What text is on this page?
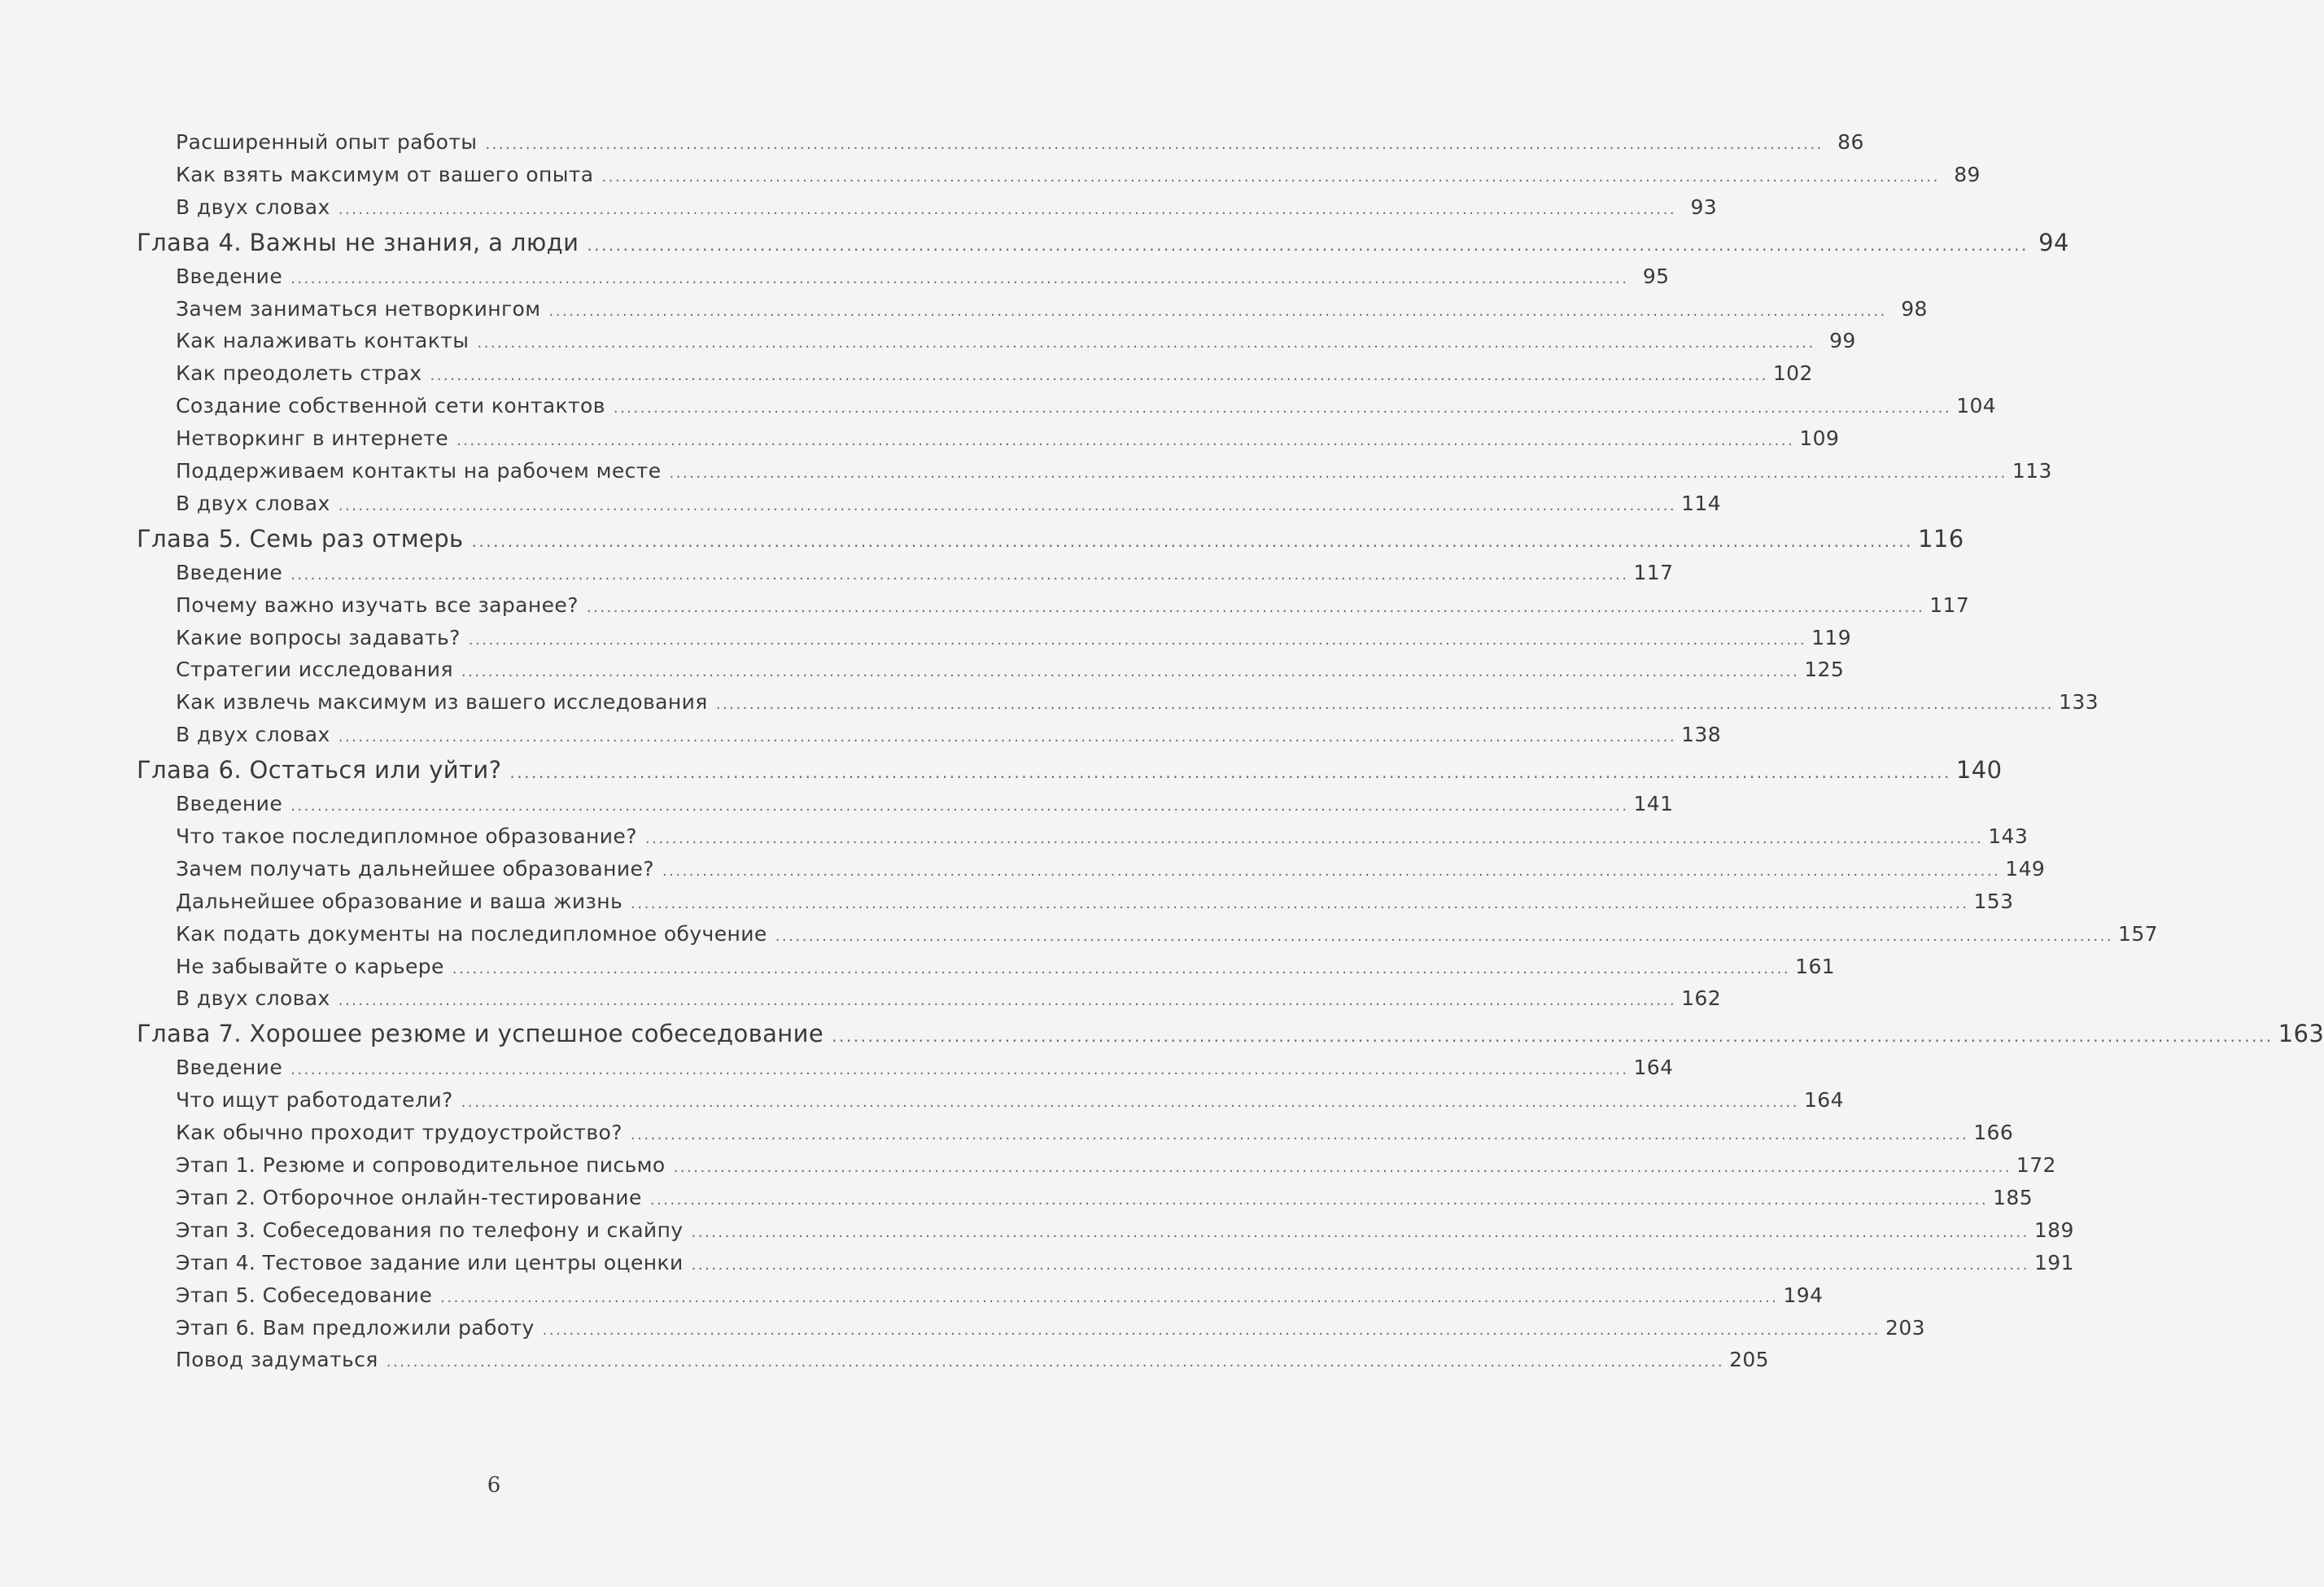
Расширенный опыт работы ........................................................................................................................................................................................................ 86
Как взять максимум от вашего опыта ........................................................................................................................................................................................................ 89
В двух словах ........................................................................................................................................................................................................ 93
Глава 4. Важны не знания, а люди ........................................................................................................................................................................................................ 94
Введение ........................................................................................................................................................................................................ 95
Зачем заниматься нетворкингом ........................................................................................................................................................................................................ 98
Как налаживать контакты ........................................................................................................................................................................................................ 99
Как преодолеть страх ........................................................................................................................................................................................................ 102
Создание собственной сети контактов ........................................................................................................................................................................................................ 104
Нетворкинг в интернете ........................................................................................................................................................................................................ 109
Поддерживаем контакты на рабочем месте ........................................................................................................................................................................................................ 113
В двух словах ........................................................................................................................................................................................................ 114
Глава 5. Семь раз отмерь ........................................................................................................................................................................................................ 116
Введение ........................................................................................................................................................................................................ 117
Почему важно изучать все заранее? ........................................................................................................................................................................................................ 117
Какие вопросы задавать? ........................................................................................................................................................................................................ 119
Стратегии исследования ........................................................................................................................................................................................................ 125
Как извлечь максимум из вашего исследования ........................................................................................................................................................................................................ 133
В двух словах ........................................................................................................................................................................................................ 138
Глава 6. Остаться или уйти? ........................................................................................................................................................................................................ 140
Введение ........................................................................................................................................................................................................ 141
Что такое последипломное образование? ........................................................................................................................................................................................................ 143
Зачем получать дальнейшее образование? ........................................................................................................................................................................................................ 149
Дальнейшее образование и ваша жизнь ........................................................................................................................................................................................................ 153
Как подать документы на последипломное обучение ........................................................................................................................................................................................................ 157
Не забывайте о карьере ........................................................................................................................................................................................................ 161
В двух словах ........................................................................................................................................................................................................ 162
Глава 7. Хорошее резюме и успешное собеседование ........................................................................................................................................................................................................ 163
Введение ........................................................................................................................................................................................................ 164
Что ищут работодатели? ........................................................................................................................................................................................................ 164
Как обычно проходит трудоустройство? ........................................................................................................................................................................................................ 166
Этап 1. Резюме и сопроводительное письмо ........................................................................................................................................................................................................ 172
Этап 2. Отборочное онлайн-тестирование ........................................................................................................................................................................................................ 185
Этап 3. Собеседования по телефону и скайпу ........................................................................................................................................................................................................ 189
Этап 4. Тестовое задание или центры оценки ........................................................................................................................................................................................................ 191
Этап 5. Собеседование ........................................................................................................................................................................................................ 194
Этап 6. Вам предложили работу ........................................................................................................................................................................................................ 203
Повод задуматься ........................................................................................................................................................................................................ 205
6
